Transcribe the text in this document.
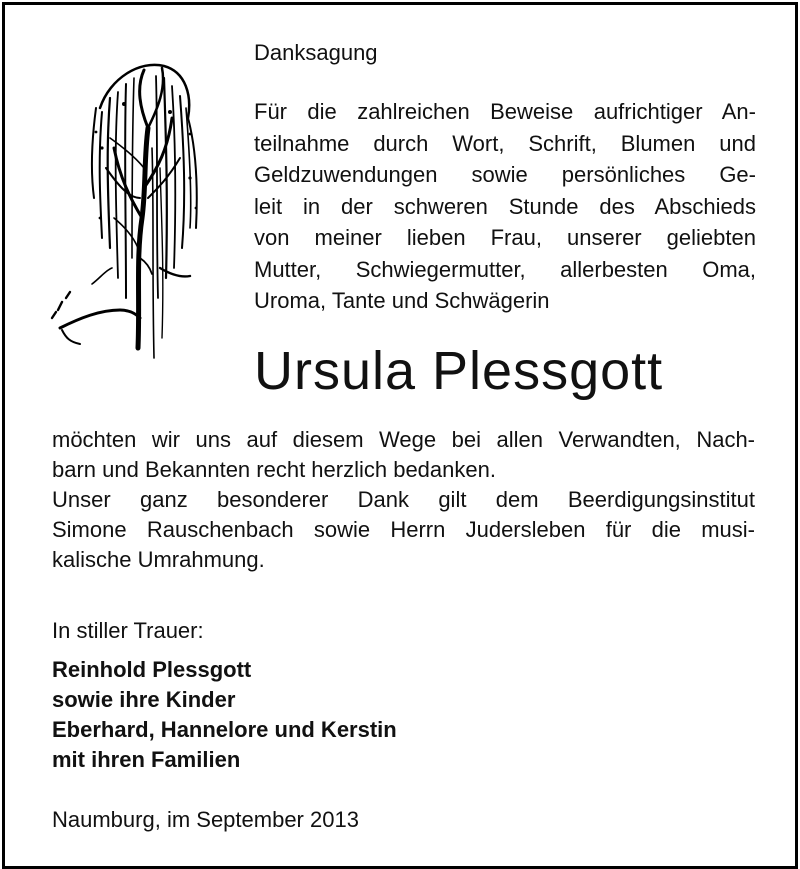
Danksagung

Für die zahlreichen Beweise aufrichtiger An-
teilnahme durch Wort, Schrift, Blumen und
Geldzuwendungen sowie persönliches Ge-
leit in der schweren Stunde des Abschieds
von meiner lieben Frau, unserer geliebten
Mutter, Schwiegermutter, allerbesten Oma,
Uroma, Tante und Schwägerin

Ursula Plessgott

möchten wir uns auf diesem Wege bei allen Verwandten, Nach-
barn und Bekannten recht herzlich bedanken.
Unser ganz besonderer Dank gilt dem Beerdigungsinstitut
Simone Rauschenbach sowie Herrn Judersleben für die musi-
kalische Umrahmung.

In stiller Trauer:

Reinhold Plessgott
sowie ihre Kinder
Eberhard, Hannelore und Kerstin
mit ihren Familien

Naumburg, im September 2013
